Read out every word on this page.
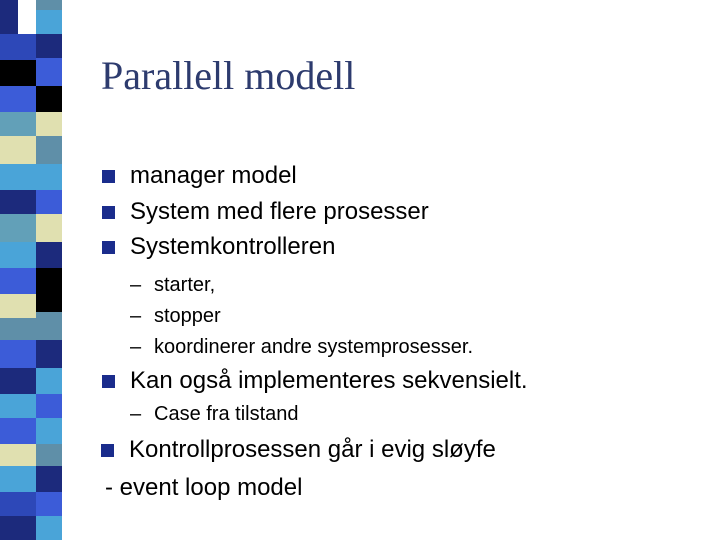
Parallell modell
manager model
System med flere prosesser
Systemkontrolleren
– starter,
– stopper
– koordinerer andre systemprosesser.
Kan også implementeres sekvensielt.
– Case fra tilstand
Kontrollprosessen går i evig sløyfe
- event loop model
